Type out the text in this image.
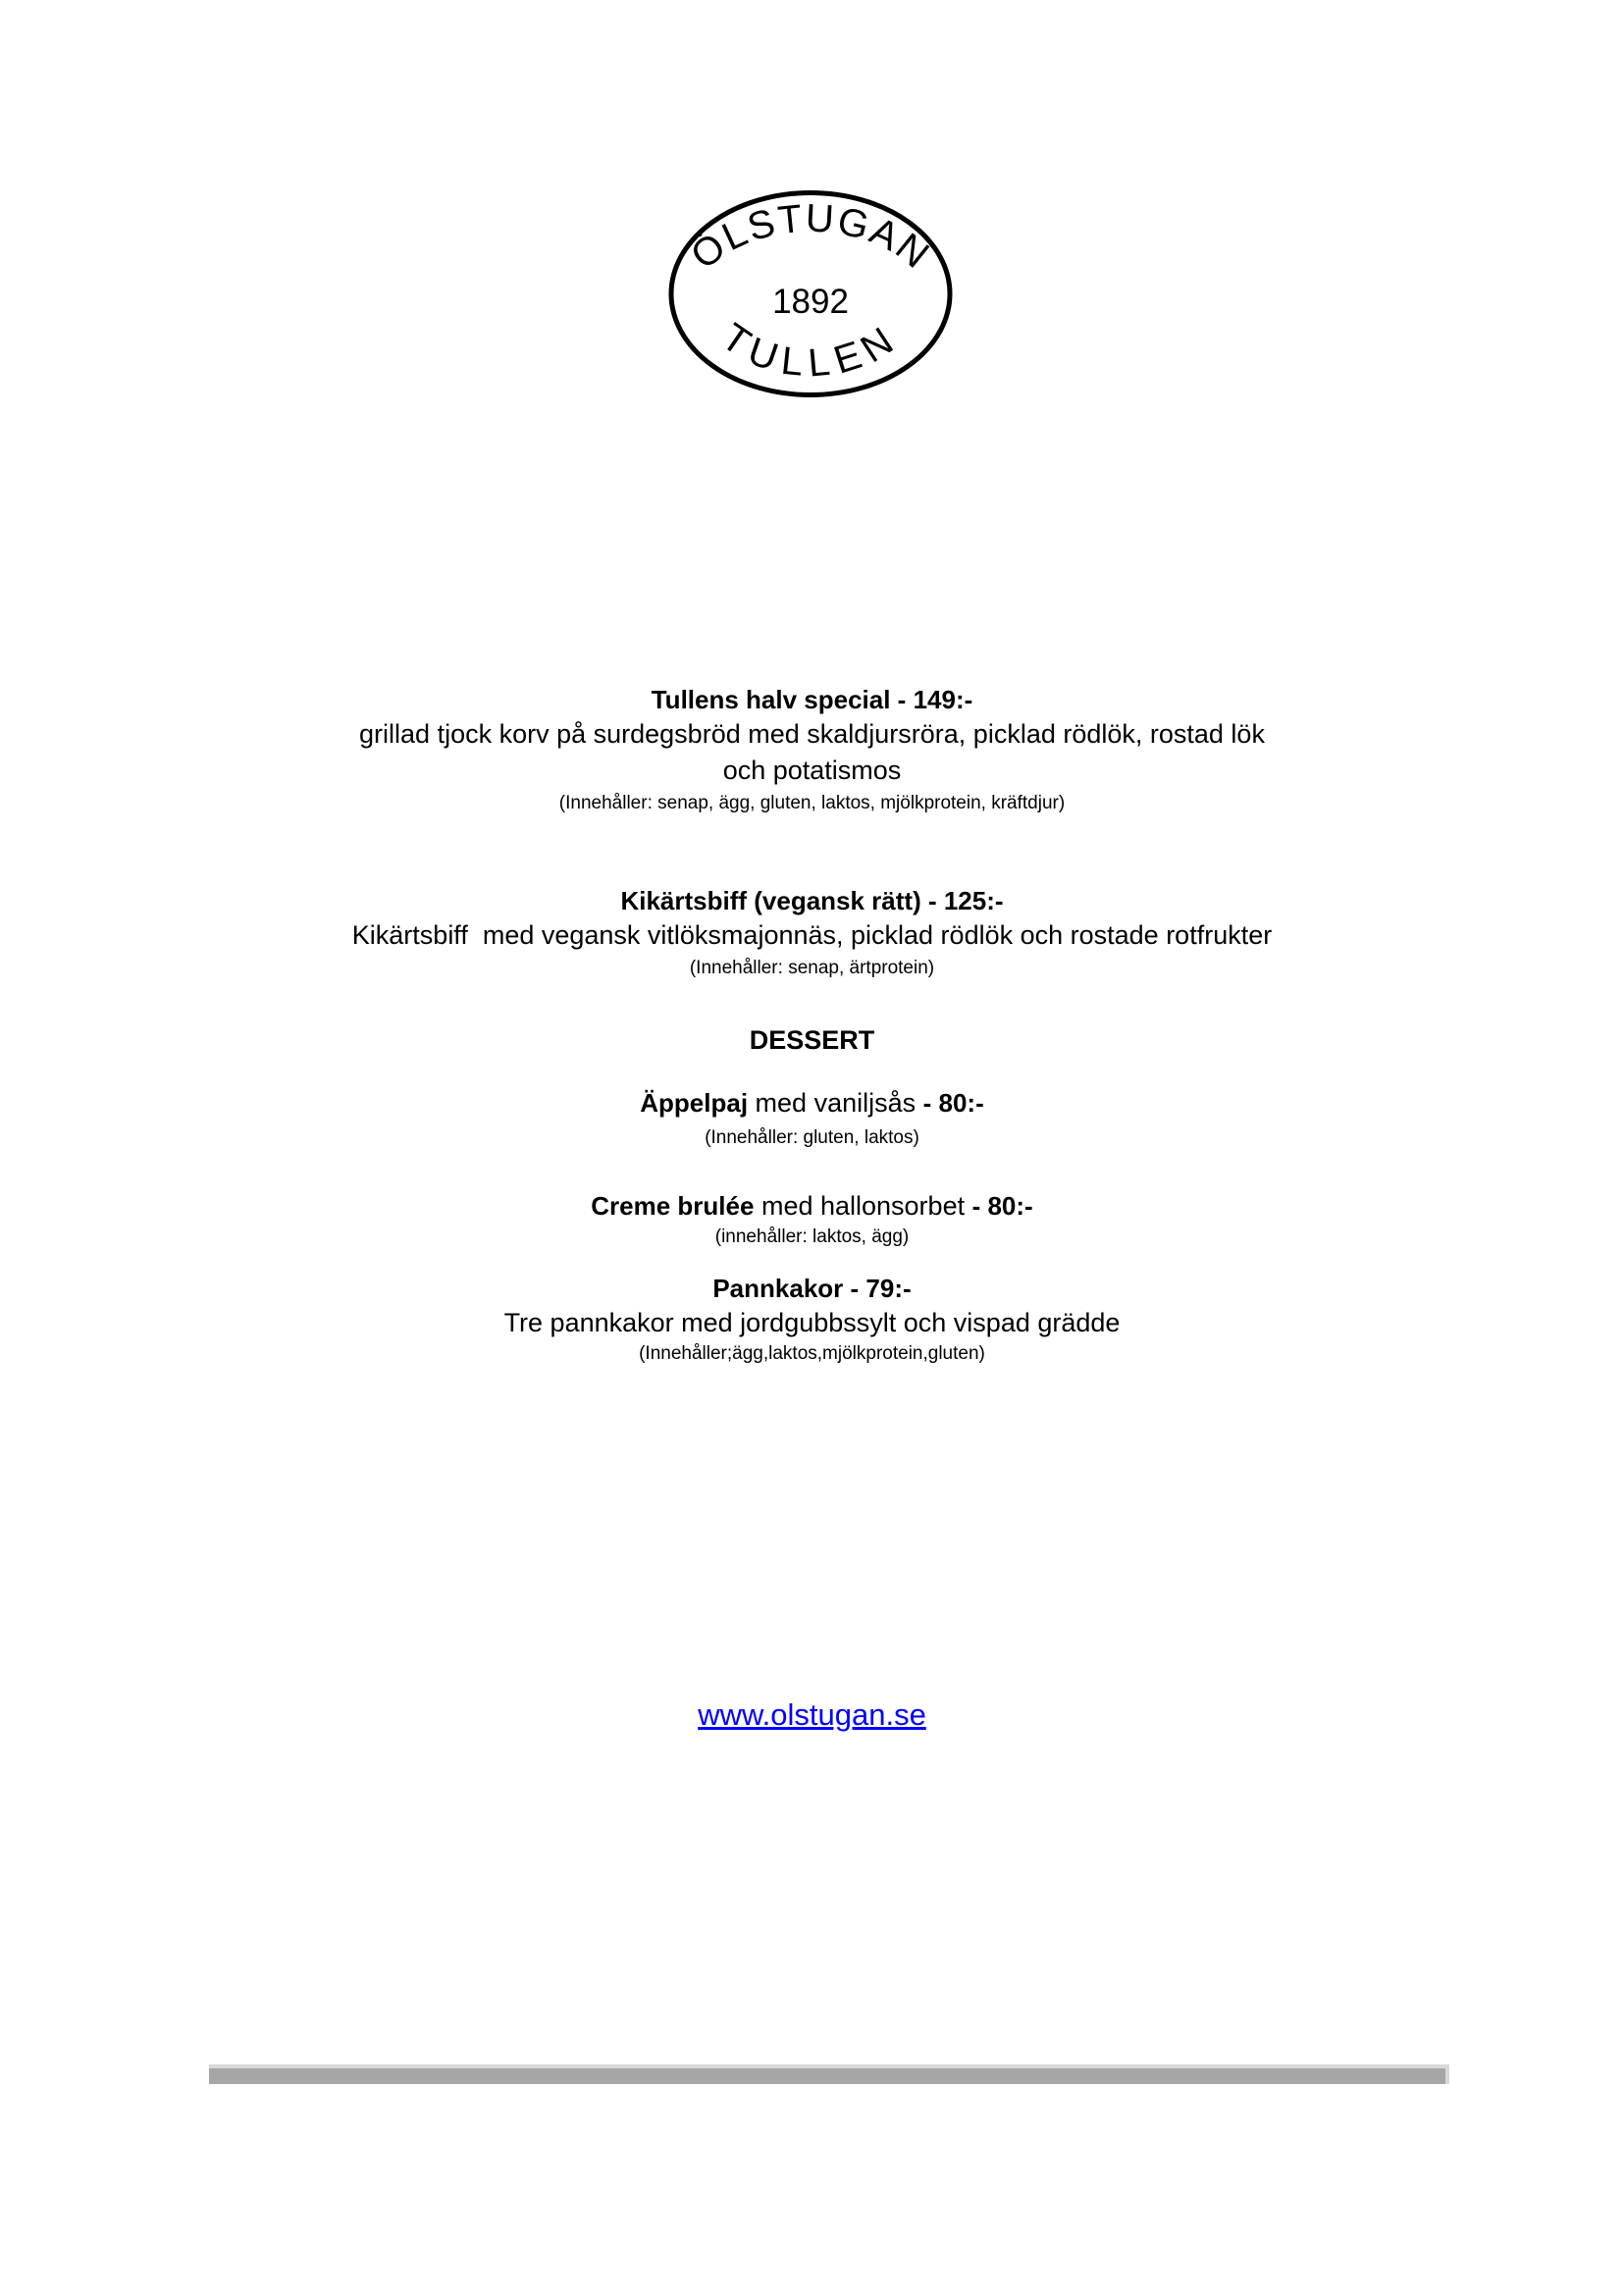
ÖLSTUGAN
1892
TULLEN
Tullens halv special - 149:-
grillad tjock korv på surdegsbröd med skaldjursröra, picklad rödlök, rostad lök
och potatismos
(Innehåller: senap, ägg, gluten, laktos, mjölkprotein, kräftdjur)
Kikärtsbiff (vegansk rätt) - 125:-
Kikärtsbiff  med vegansk vitlöksmajonnäs, picklad rödlök och rostade rotfrukter
(Innehåller: senap, ärtprotein)
DESSERT
Äppelpaj med vaniljsås - 80:-
(Innehåller: gluten, laktos)
Creme brulée med hallonsorbet - 80:-
(innehåller: laktos, ägg)
Pannkakor - 79:-
Tre pannkakor med jordgubbssylt och vispad grädde
(Innehåller;ägg,laktos,mjölkprotein,gluten)
www.olstugan.se
